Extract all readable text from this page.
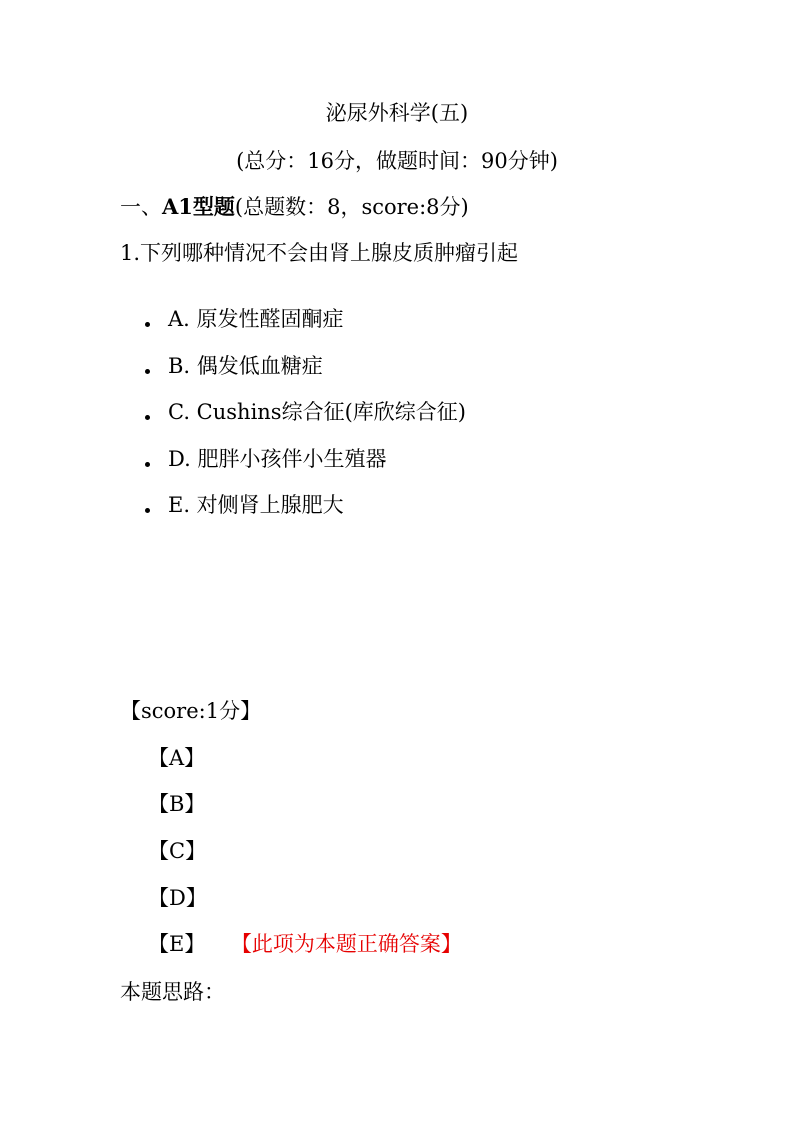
泌尿外科学(五)
(总分：16分，做题时间：90分钟)
一、A1型题(总题数：8，score:8分)
1.下列哪种情况不会由肾上腺皮质肿瘤引起
A. 原发性醛固酮症
B. 偶发低血糖症
C. Cushins综合征(库欣综合征)
D. 肥胖小孩伴小生殖器
E. 对侧肾上腺肥大
【score:1分】
【A】
【B】
【C】
【D】
【E】 【此项为本题正确答案】
本题思路：
